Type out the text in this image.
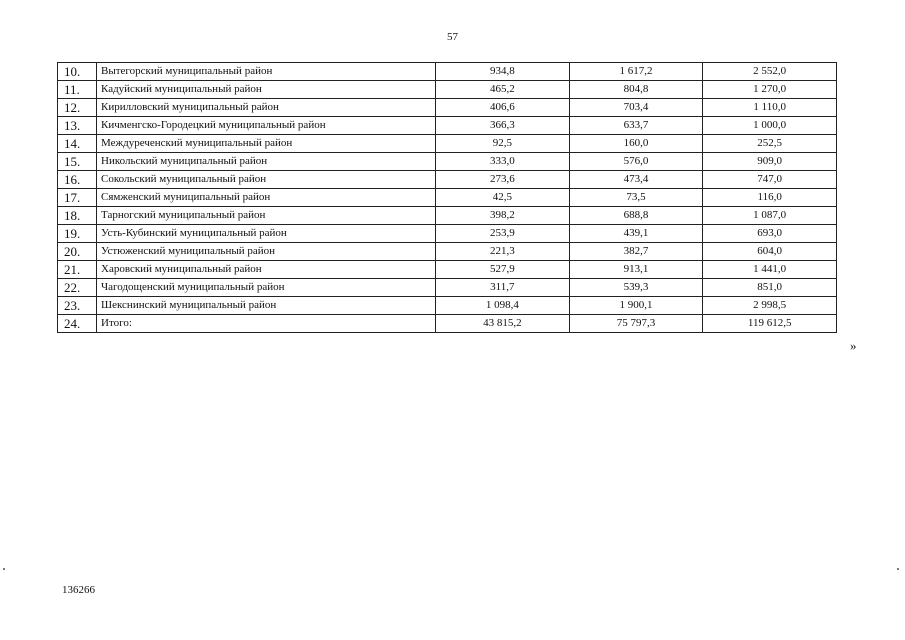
57
10.	Вытегорский муниципальный район	934,8	1 617,2	2 552,0
11.	Кадуйский муниципальный район	465,2	804,8	1 270,0
12.	Кирилловский муниципальный район	406,6	703,4	1 110,0
13.	Кичменгско-Городецкий муниципальный район	366,3	633,7	1 000,0
14.	Междуреченский муниципальный район	92,5	160,0	252,5
15.	Никольский муниципальный район	333,0	576,0	909,0
16.	Сокольский муниципальный район	273,6	473,4	747,0
17.	Сямженский муниципальный район	42,5	73,5	116,0
18.	Тарногский муниципальный район	398,2	688,8	1 087,0
19.	Усть-Кубинский муниципальный район	253,9	439,1	693,0
20.	Устюженский муниципальный район	221,3	382,7	604,0
21.	Харовский муниципальный район	527,9	913,1	1 441,0
22.	Чагодощенский муниципальный район	311,7	539,3	851,0
23.	Шекснинский муниципальный район	1 098,4	1 900,1	2 998,5
24.	Итого:	43 815,2	75 797,3	119 612,5
»
136266
